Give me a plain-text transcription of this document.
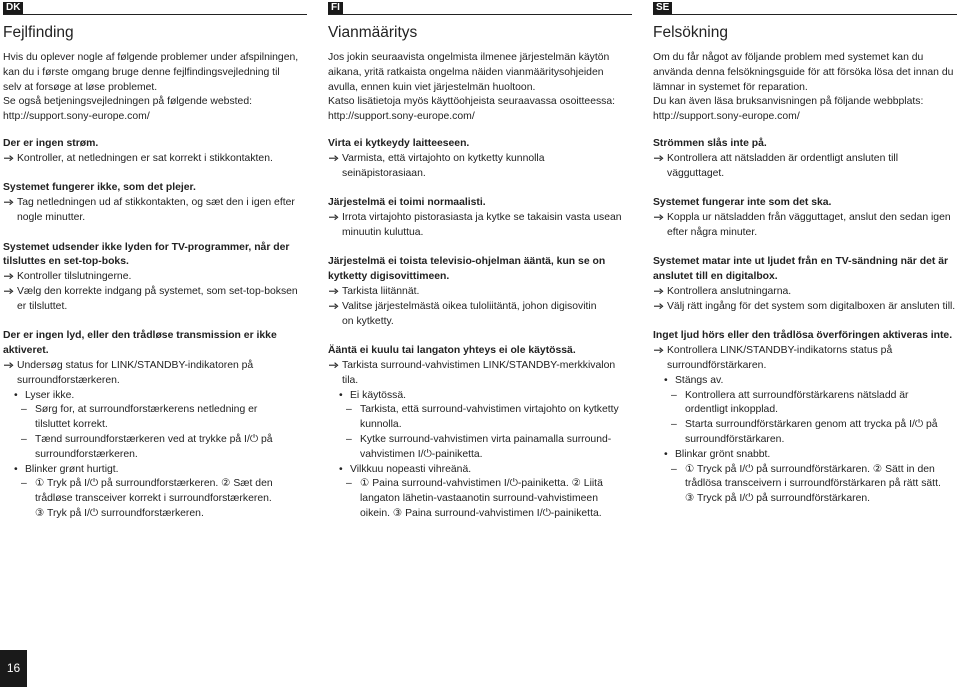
DK
Fejlfinding

Hvis du oplever nogle af følgende problemer under afspilningen,

kan du i første omgang bruge denne fejlfindingsvejledning til

selv at forsøge at løse problemet.

Se også betjeningsvejledningen på følgende websted:

http://support.sony-europe.com/

Der er ingen strøm.
Kontroller, at netledningen er sat korrekt i stikkontakten.
Systemet fungerer ikke, som det plejer.
Tag netledningen ud af stikkontakten, og sæt den i igen efter
nogle minutter.
Systemet udsender ikke lyden for TV-programmer, når der
tilsluttes en set-top-boks.
Kontroller tilslutningerne.
Vælg den korrekte indgang på systemet, som set-top-boksen
er tilsluttet.
Der er ingen lyd, eller den trådløse transmission er ikke
aktiveret.
Undersøg status for LINK/STANDBY-indikatoren på
surroundforstærkeren.
• Lyser ikke.
– Sørg for, at surroundforstærkerens netledning er
tilsluttet korrekt.
– Tænd surroundforstærkeren ved at trykke på I/⏻ på
surroundforstærkeren.
• Blinker grønt hurtigt.
– ① Tryk på I/⏻ på surroundforstærkeren. ② Sæt den
trådløse transceiver korrekt i surroundforstærkeren.
③ Tryk på I/⏻ surroundforstærkeren.
FI
Vianmääritys

Jos jokin seuraavista ongelmista ilmenee järjestelmän käytön

aikana, yritä ratkaista ongelma näiden vianmääritysohjeiden

avulla, ennen kuin viet järjestelmän huoltoon.

Katso lisätietoja myös käyttöohjeista seuraavassa osoitteessa:

http://support.sony-europe.com/

Virta ei kytkeydy laitteeseen.
Varmista, että virtajohto on kytketty kunnolla
seinäpistorasiaan.
Järjestelmä ei toimi normaalisti.
Irrota virtajohto pistorasiasta ja kytke se takaisin vasta usean
minuutin kuluttua.
Järjestelmä ei toista televisio-ohjelman ääntä, kun se on
kytketty digisovittimeen.
Tarkista liitännät.
Valitse järjestelmästä oikea tuloliitäntä, johon digisovitin
on kytketty.
Ääntä ei kuulu tai langaton yhteys ei ole käytössä.
Tarkista surround-vahvistimen LINK/STANDBY-merkkivalon tila.
• Ei käytössä.
– Tarkista, että surround-vahvistimen virtajohto on kytketty
kunnolla.
– Kytke surround-vahvistimen virta painamalla surround-
vahvistimen I/⏻-painiketta.
• Vilkkuu nopeasti vihreänä.
– ① Paina surround-vahvistimen I/⏻-painiketta. ② Liitä
langaton lähetin-vastaanotin surround-vahvistimeen
oikein. ③ Paina surround-vahvistimen I/⏻-painiketta.
SE
Felsökning

Om du får något av följande problem med systemet kan du

använda denna felsökningsguide för att försöka lösa det innan du

lämnar in systemet för reparation.

Du kan även läsa bruksanvisningen på följande webbplats:

http://support.sony-europe.com/

Strömmen slås inte på.
Kontrollera att nätsladden är ordentligt ansluten till
vägguttaget.
Systemet fungerar inte som det ska.
Koppla ur nätsladden från vägguttaget, anslut den sedan igen
efter några minuter.
Systemet matar inte ut ljudet från en TV-sändning när det är
anslutet till en digitalbox.
Kontrollera anslutningarna.
Välj rätt ingång för det system som digitalboxen är ansluten till.
Inget ljud hörs eller den trådlösa överföringen aktiveras inte.
Kontrollera LINK/STANDBY-indikatorns status på
surroundförstärkaren.
• Stängs av.
– Kontrollera att surroundförstärkarens nätsladd är
ordentligt inkopplad.
– Starta surroundförstärkaren genom att trycka på I/⏻ på
surroundförstärkaren.
• Blinkar grönt snabbt.
– ① Tryck på I/⏻ på surroundförstärkaren. ② Sätt in den
trådlösa transceivern i surroundförstärkaren på rätt sätt.
③ Tryck på I/⏻ på surroundförstärkaren.
16
